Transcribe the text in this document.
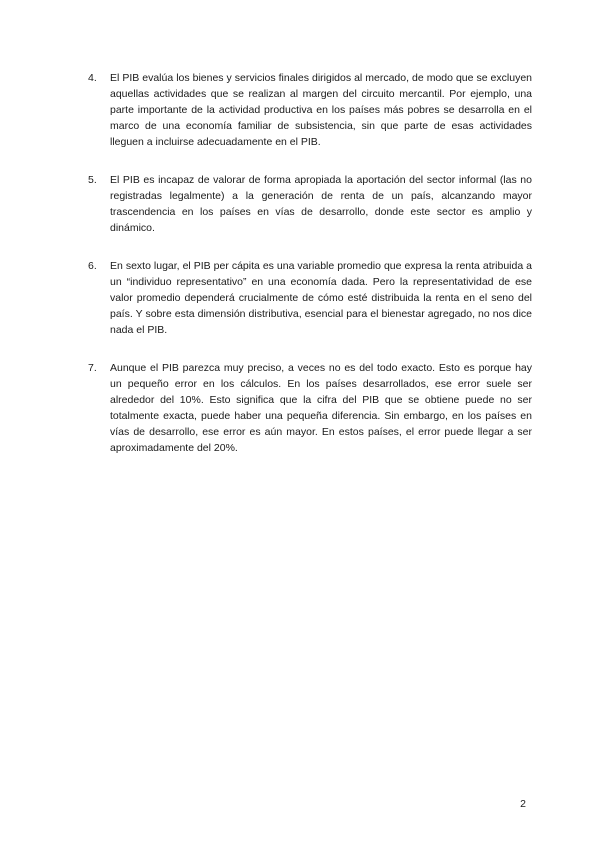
4.	El PIB evalúa los bienes y servicios finales dirigidos al mercado, de modo que se excluyen aquellas actividades que se realizan al margen del circuito mercantil. Por ejemplo, una parte importante de la actividad productiva en los países más pobres se desarrolla en el marco de una economía familiar de subsistencia, sin que parte de esas actividades lleguen a incluirse adecuadamente en el PIB.
5.	El PIB es incapaz de valorar de forma apropiada la aportación del sector informal (las no registradas legalmente) a la generación de renta de un país, alcanzando mayor trascendencia en los países en vías de desarrollo, donde este sector es amplio y dinámico.
6.	En sexto lugar, el PIB per cápita es una variable promedio que expresa la renta atribuida a un “individuo representativo” en una economía dada. Pero la representatividad de ese valor promedio dependerá crucialmente de cómo esté distribuida la renta en el seno del país. Y sobre esta dimensión distributiva, esencial para el bienestar agregado, no nos dice nada el PIB.
7.	Aunque el PIB parezca muy preciso, a veces no es del todo exacto. Esto es porque hay un pequeño error en los cálculos. En los países desarrollados, ese error suele ser alrededor del 10%. Esto significa que la cifra del PIB que se obtiene puede no ser totalmente exacta, puede haber una pequeña diferencia. Sin embargo, en los países en vías de desarrollo, ese error es aún mayor. En estos países, el error puede llegar a ser aproximadamente del 20%.
2
